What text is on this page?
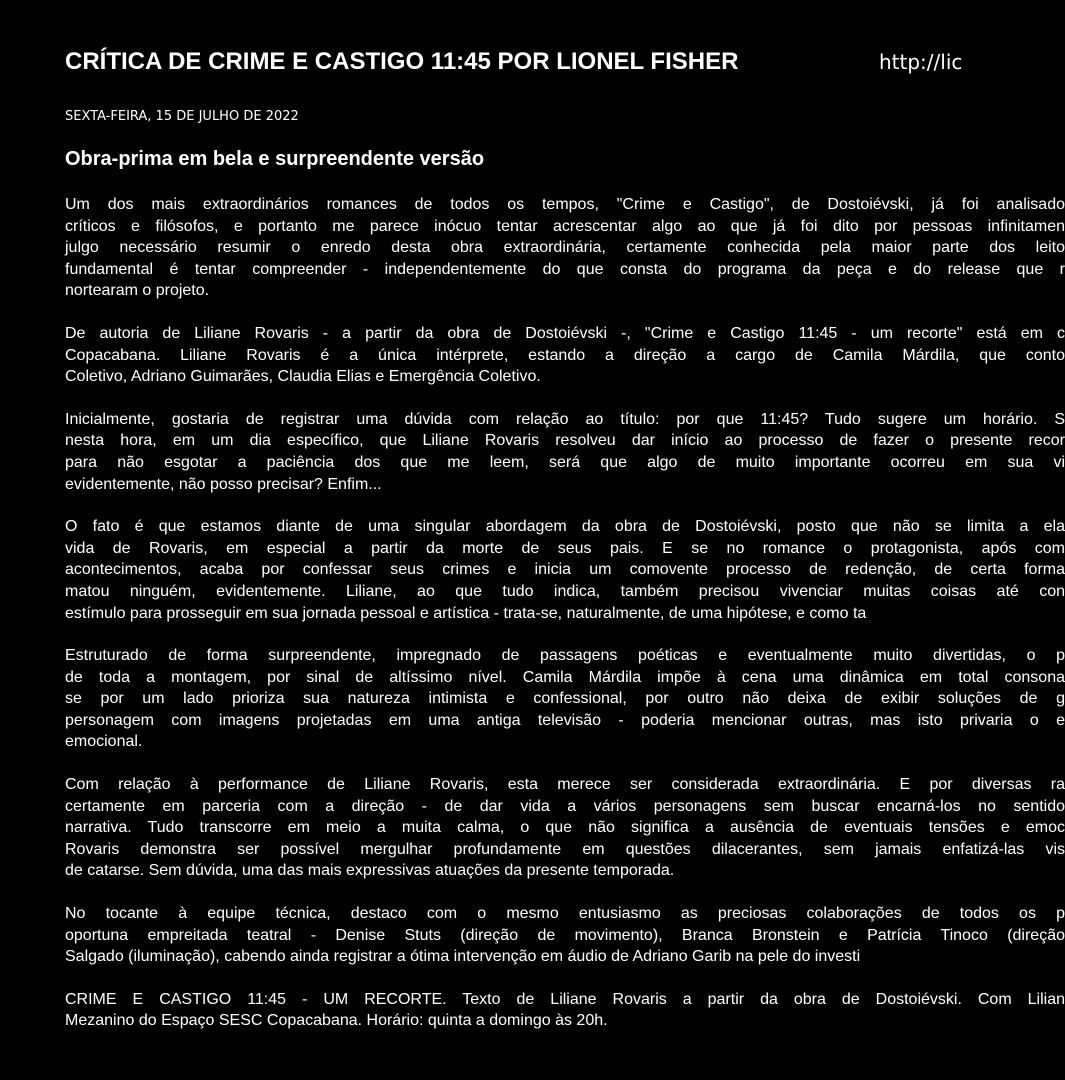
CRÍTICA DE CRIME E CASTIGO 11:45 POR LIONEL FISHER	http://lic
SEXTA-FEIRA, 15 DE JULHO DE 2022
Obra-prima em bela e surpreendente versão

Um dos mais extraordinários romances de todos os tempos, "Crime e Castigo", de Dostoiévski, já foi analisado
críticos e filósofos, e portanto me parece inócuo tentar acrescentar algo ao que já foi dito por pessoas infinitamen
julgo necessário resumir o enredo desta obra extraordinária, certamente conhecida pela maior parte dos leito
fundamental é tentar compreender - independentemente do que consta do programa da peça e do release que r
nortearam o projeto.

De autoria de Liliane Rovaris - a partir da obra de Dostoiévski -, "Crime e Castigo 11:45 - um recorte" está em c
Copacabana. Liliane Rovaris é a única intérprete, estando a direção a cargo de Camila Márdila, que conto
Coletivo, Adriano Guimarães, Claudia Elias e Emergência Coletivo.

Inicialmente, gostaria de registrar uma dúvida com relação ao título: por que 11:45? Tudo sugere um horário. S
nesta hora, em um dia específico, que Liliane Rovaris resolveu dar início ao processo de fazer o presente recor
para não esgotar a paciência dos que me leem, será que algo de muito importante ocorreu em sua vi
evidentemente, não posso precisar? Enfim...

O fato é que estamos diante de uma singular abordagem da obra de Dostoiévski, posto que não se limita a ela
vida de Rovaris, em especial a partir da morte de seus pais. E se no romance o protagonista, após com
acontecimentos, acaba por confessar seus crimes e inicia um comovente processo de redenção, de certa forma
matou ninguém, evidentemente. Liliane, ao que tudo indica, também precisou vivenciar muitas coisas até con
estímulo para prosseguir em sua jornada pessoal e artística - trata-se, naturalmente, de uma hipótese, e como ta

Estruturado de forma surpreendente, impregnado de passagens poéticas e eventualmente muito divertidas, o p
de toda a montagem, por sinal de altíssimo nível. Camila Márdila impõe à cena uma dinâmica em total consona
se por um lado prioriza sua natureza intimista e confessional, por outro não deixa de exibir soluções de g
personagem com imagens projetadas em uma antiga televisão - poderia mencionar outras, mas isto privaria o e
emocional.

Com relação à performance de Liliane Rovaris, esta merece ser considerada extraordinária. E por diversas ra
certamente em parceria com a direção - de dar vida a vários personagens sem buscar encarná-los no sentido
narrativa. Tudo transcorre em meio a muita calma, o que não significa a ausência de eventuais tensões e emoc
Rovaris demonstra ser possível mergulhar profundamente em questões dilacerantes, sem jamais enfatizá-las vis
de catarse. Sem dúvida, uma das mais expressivas atuações da presente temporada.

No tocante à equipe técnica, destaco com o mesmo entusiasmo as preciosas colaborações de todos os p
oportuna empreitada teatral - Denise Stuts (direção de movimento), Branca Bronstein e Patrícia Tinoco (direção
Salgado (iluminação), cabendo ainda registrar a ótima intervenção em áudio de Adriano Garib na pele do investi

CRIME E CASTIGO 11:45 - UM RECORTE. Texto de Liliane Rovaris a partir da obra de Dostoiévski. Com Lilian
Mezanino do Espaço SESC Copacabana. Horário: quinta a domingo às 20h.
